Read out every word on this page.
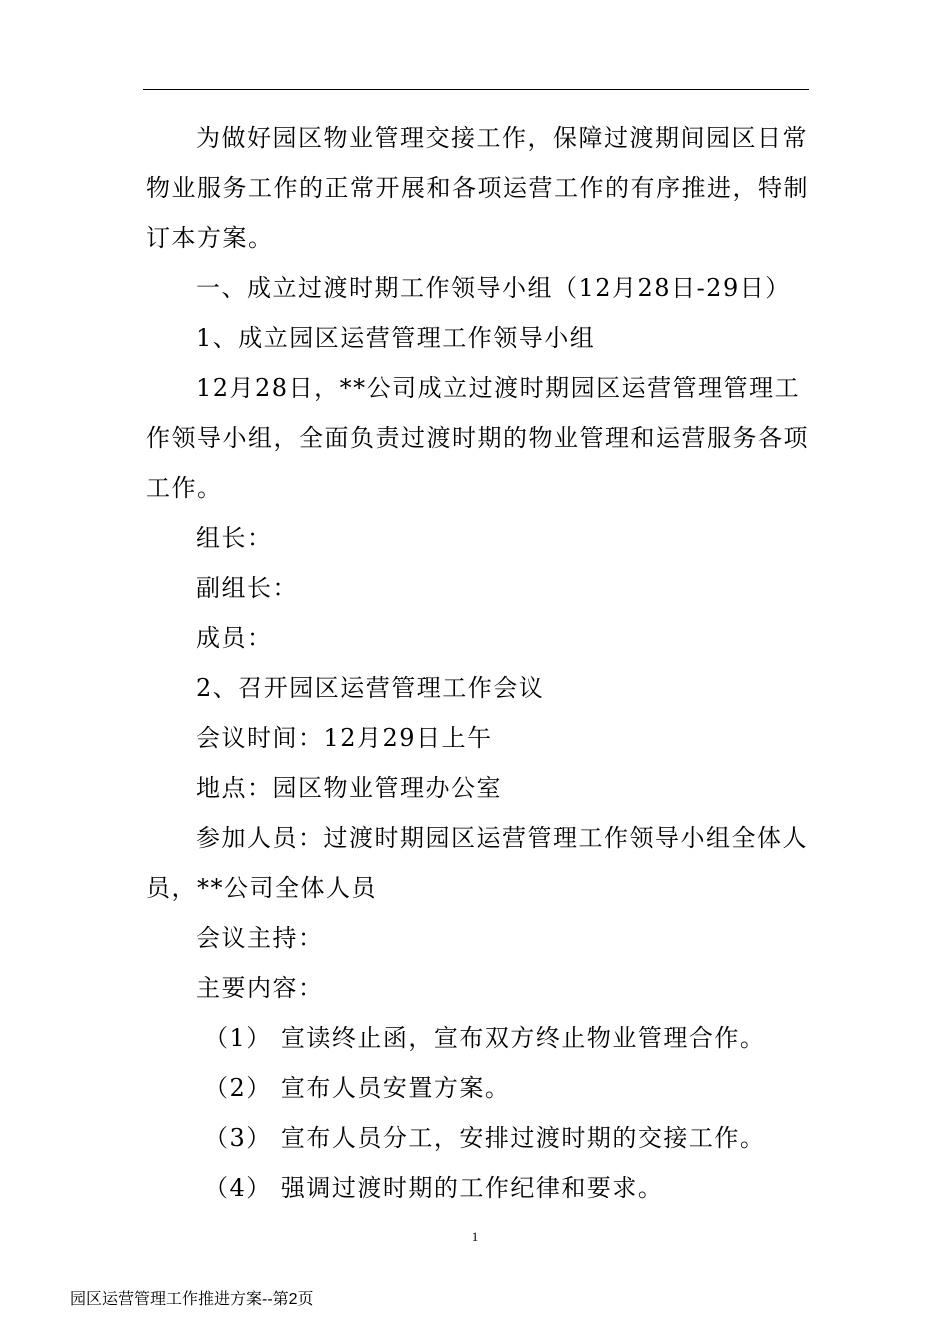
为做好园区物业管理交接工作，保障过渡期间园区日常物业服务工作的正常开展和各项运营工作的有序推进，特制订本方案。

一、成立过渡时期工作领导小组（12月28日-29日）

1、成立园区运营管理工作领导小组

12月28日，**公司成立过渡时期园区运营管理管理工作领导小组，全面负责过渡时期的物业管理和运营服务各项工作。

组长：

副组长：

成员：

2、召开园区运营管理工作会议

会议时间：12月29日上午

地点：园区物业管理办公室

参加人员：过渡时期园区运营管理工作领导小组全体人员，**公司全体人员

会议主持：

主要内容：

（1） 宣读终止函，宣布双方终止物业管理合作。

（2） 宣布人员安置方案。

（3） 宣布人员分工，安排过渡时期的交接工作。

（4） 强调过渡时期的工作纪律和要求。

1
园区运营管理工作推进方案--第2页
